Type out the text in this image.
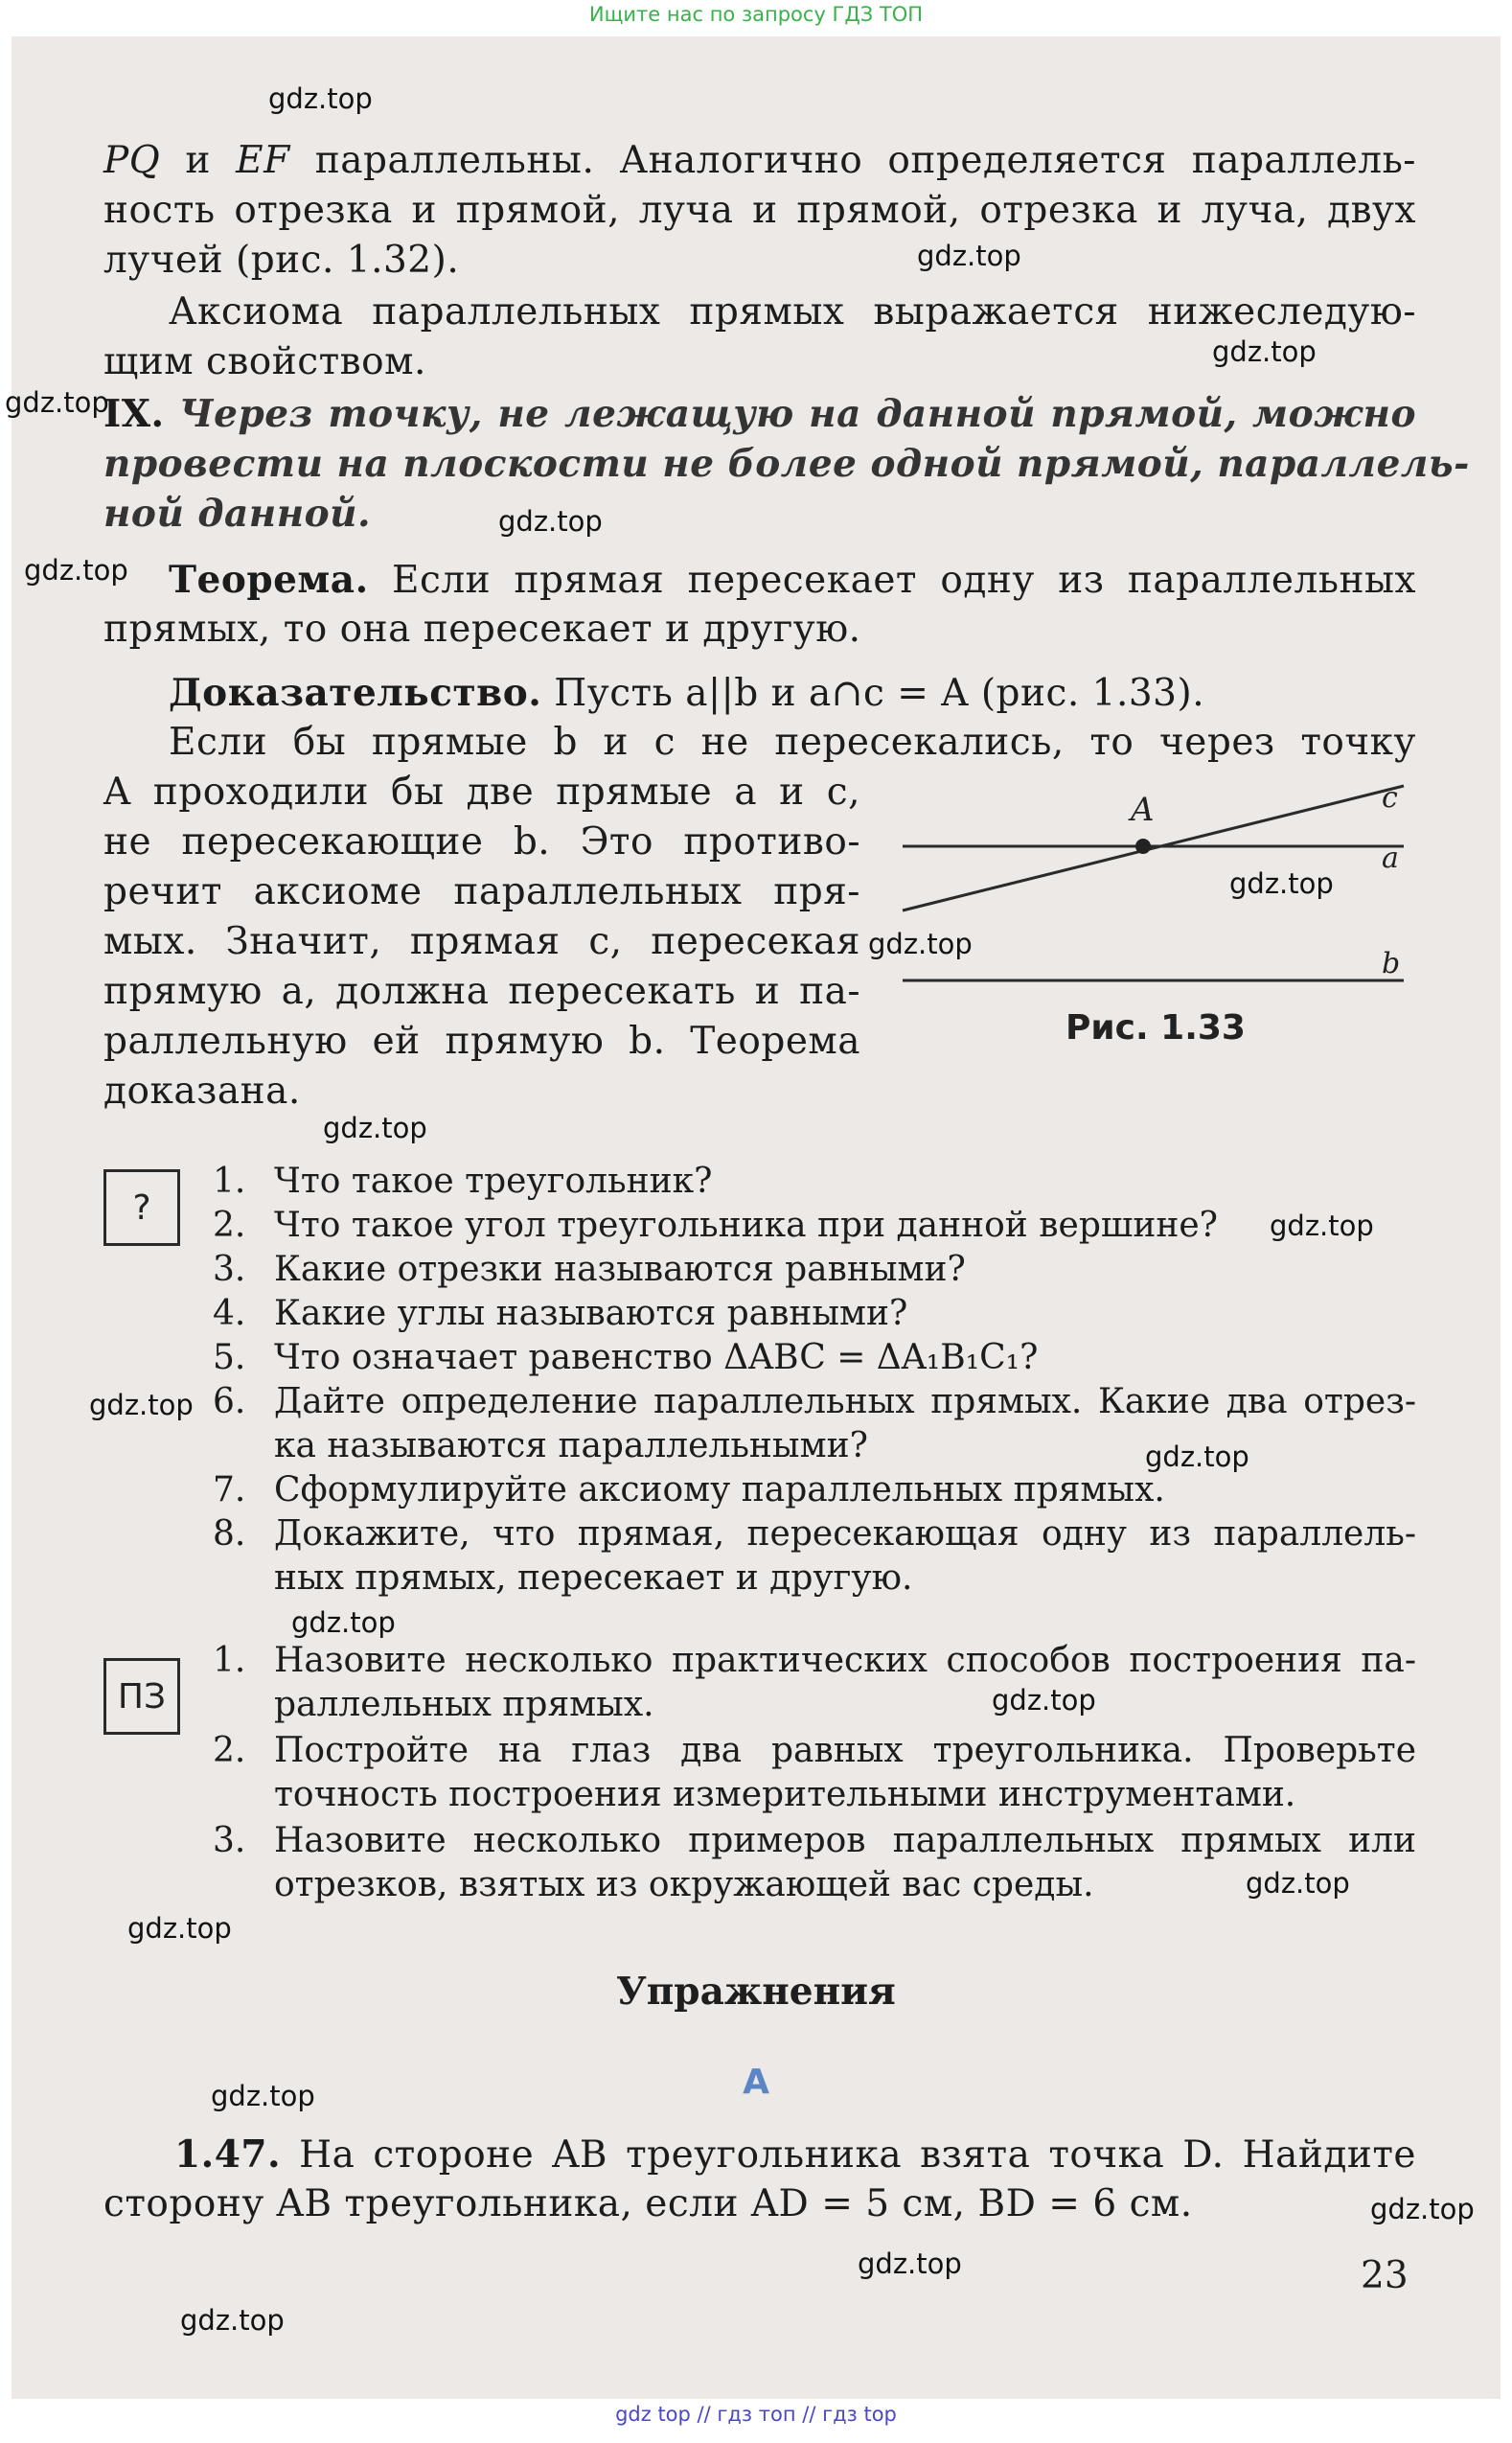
Ищите нас по запросу ГДЗ ТОП
PQ и EF параллельны. Аналогично определяется параллель-
ность отрезка и прямой, луча и прямой, отрезка и луча, двух
лучей (рис. 1.32).
Аксиома параллельных прямых выражается нижеследую-
щим свойством.
IX. Через точку, не лежащую на данной прямой, можно
провести на плоскости не более одной прямой, параллель-
ной данной.
Теорема. Если прямая пересекает одну из параллельных
прямых, то она пересекает и другую.
Доказательство. Пусть a||b и a∩c = A (рис. 1.33).
Если бы прямые b и c не пересекались, то через точку
A проходили бы две прямые a и c,
не пересекающие b. Это противо-
речит аксиоме параллельных пря-
мых. Значит, прямая c, пересекая
прямую a, должна пересекать и па-
раллельную ей прямую b. Теорема
доказана.
A	c
a
b
Рис. 1.33
?
1. Что такое треугольник?
2. Что такое угол треугольника при данной вершине?
3. Какие отрезки называются равными?
4. Какие углы называются равными?
5. Что означает равенство ΔABC = ΔA₁B₁C₁?
6. Дайте определение параллельных прямых. Какие два отрез-
ка называются параллельными?
7. Сформулируйте аксиому параллельных прямых.
8. Докажите, что прямая, пересекающая одну из параллель-
ных прямых, пересекает и другую.
ПЗ
1. Назовите несколько практических способов построения па-
раллельных прямых.
2. Постройте на глаз два равных треугольника. Проверьте
точность построения измерительными инструментами.
3. Назовите несколько примеров параллельных прямых или
отрезков, взятых из окружающей вас среды.
Упражнения
A
1.47. На стороне AB треугольника взята точка D. Найдите
сторону AB треугольника, если AD = 5 см, BD = 6 см.
23
gdz.top
gdz.top
gdz.top
gdz.top
gdz.top
gdz.top
gdz.top
gdz.top
gdz.top
gdz.top
gdz.top
gdz.top
gdz.top
gdz.top
gdz.top
gdz.top
gdz.top
gdz.top
gdz.top
gdz.top
gdz top // гдз топ // гдз top
